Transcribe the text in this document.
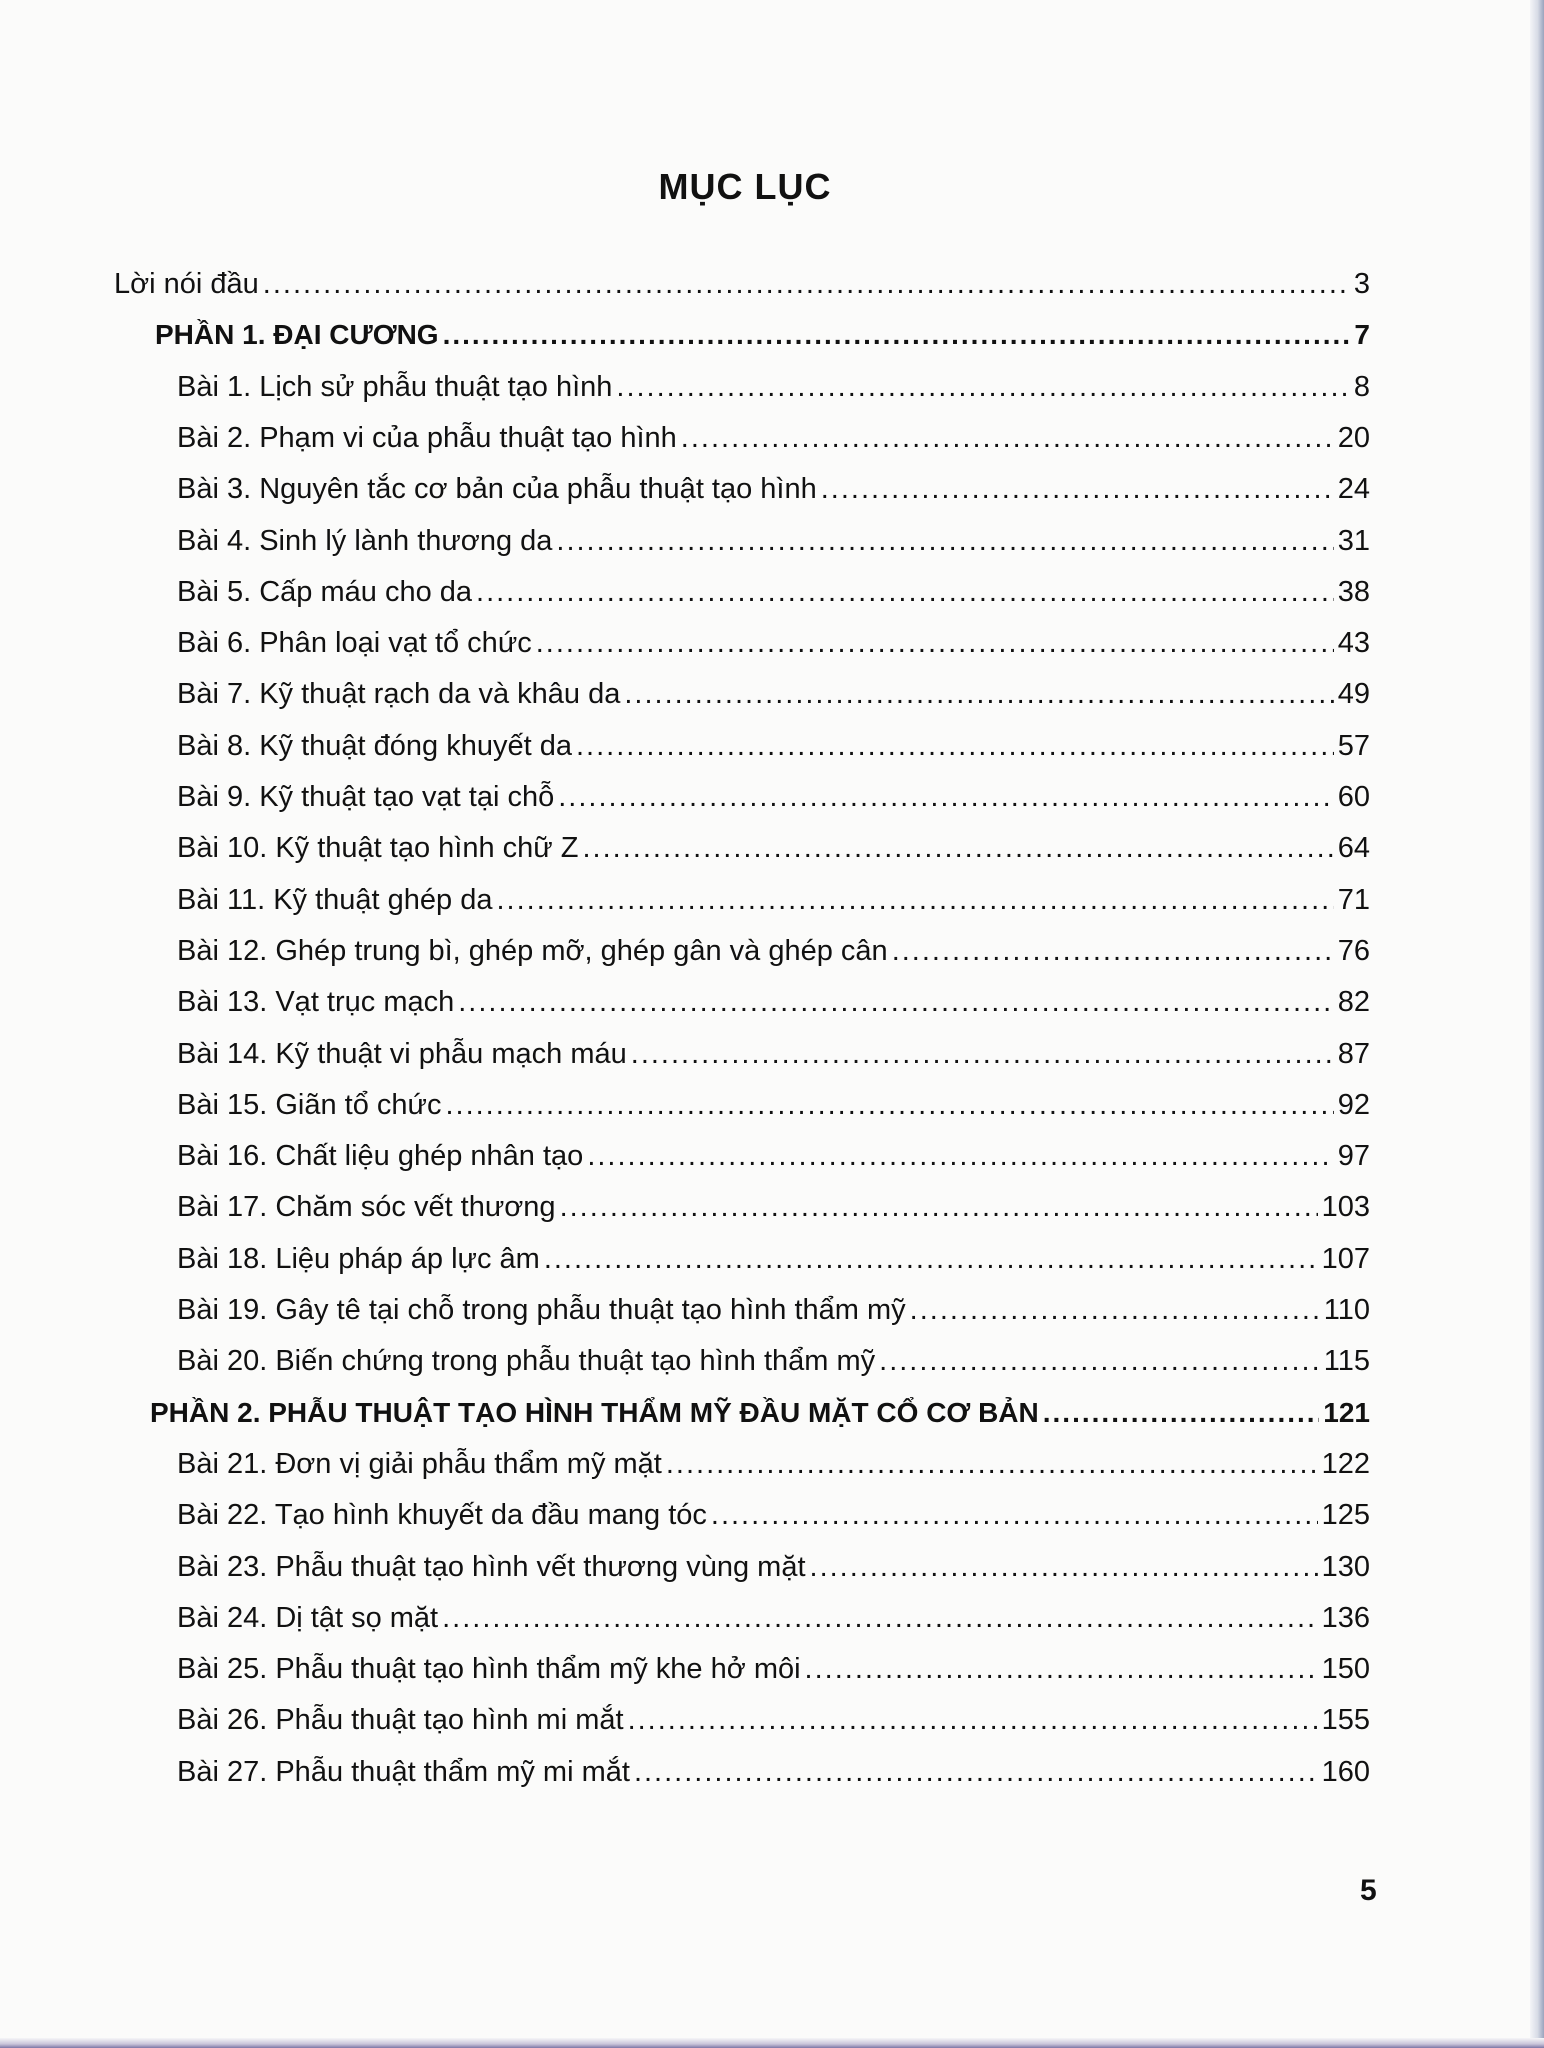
MỤC LỤC
Lời nói đầu .....	3
PHẦN 1. ĐẠI CƯƠNG .....	7
Bài 1. Lịch sử phẫu thuật tạo hình .....	8
Bài 2. Phạm vi của phẫu thuật tạo hình .....	20
Bài 3. Nguyên tắc cơ bản của phẫu thuật tạo hình .....	24
Bài 4. Sinh lý lành thương da .....	31
Bài 5. Cấp máu cho da .....	38
Bài 6. Phân loại vạt tổ chức .....	43
Bài 7. Kỹ thuật rạch da và khâu da .....	49
Bài 8. Kỹ thuật đóng khuyết da .....	57
Bài 9. Kỹ thuật tạo vạt tại chỗ .....	60
Bài 10. Kỹ thuật tạo hình chữ Z .....	64
Bài 11. Kỹ thuật ghép da .....	71
Bài 12. Ghép trung bì, ghép mỡ, ghép gân và ghép cân .....	76
Bài 13. Vạt trục mạch .....	82
Bài 14. Kỹ thuật vi phẫu mạch máu .....	87
Bài 15. Giãn tổ chức .....	92
Bài 16. Chất liệu ghép nhân tạo .....	97
Bài 17. Chăm sóc vết thương .....	103
Bài 18. Liệu pháp áp lực âm .....	107
Bài 19. Gây tê tại chỗ trong phẫu thuật tạo hình thẩm mỹ .....	110
Bài 20. Biến chứng trong phẫu thuật tạo hình thẩm mỹ .....	115
PHẦN 2. PHẪU THUẬT TẠO HÌNH THẨM MỸ ĐẦU MẶT CỔ CƠ BẢN .....	121
Bài 21. Đơn vị giải phẫu thẩm mỹ mặt .....	122
Bài 22. Tạo hình khuyết da đầu mang tóc .....	125
Bài 23. Phẫu thuật tạo hình vết thương vùng mặt .....	130
Bài 24. Dị tật sọ mặt .....	136
Bài 25. Phẫu thuật tạo hình thẩm mỹ khe hở môi .....	150
Bài 26. Phẫu thuật tạo hình mi mắt .....	155
Bài 27. Phẫu thuật thẩm mỹ mi mắt .....	160
5
